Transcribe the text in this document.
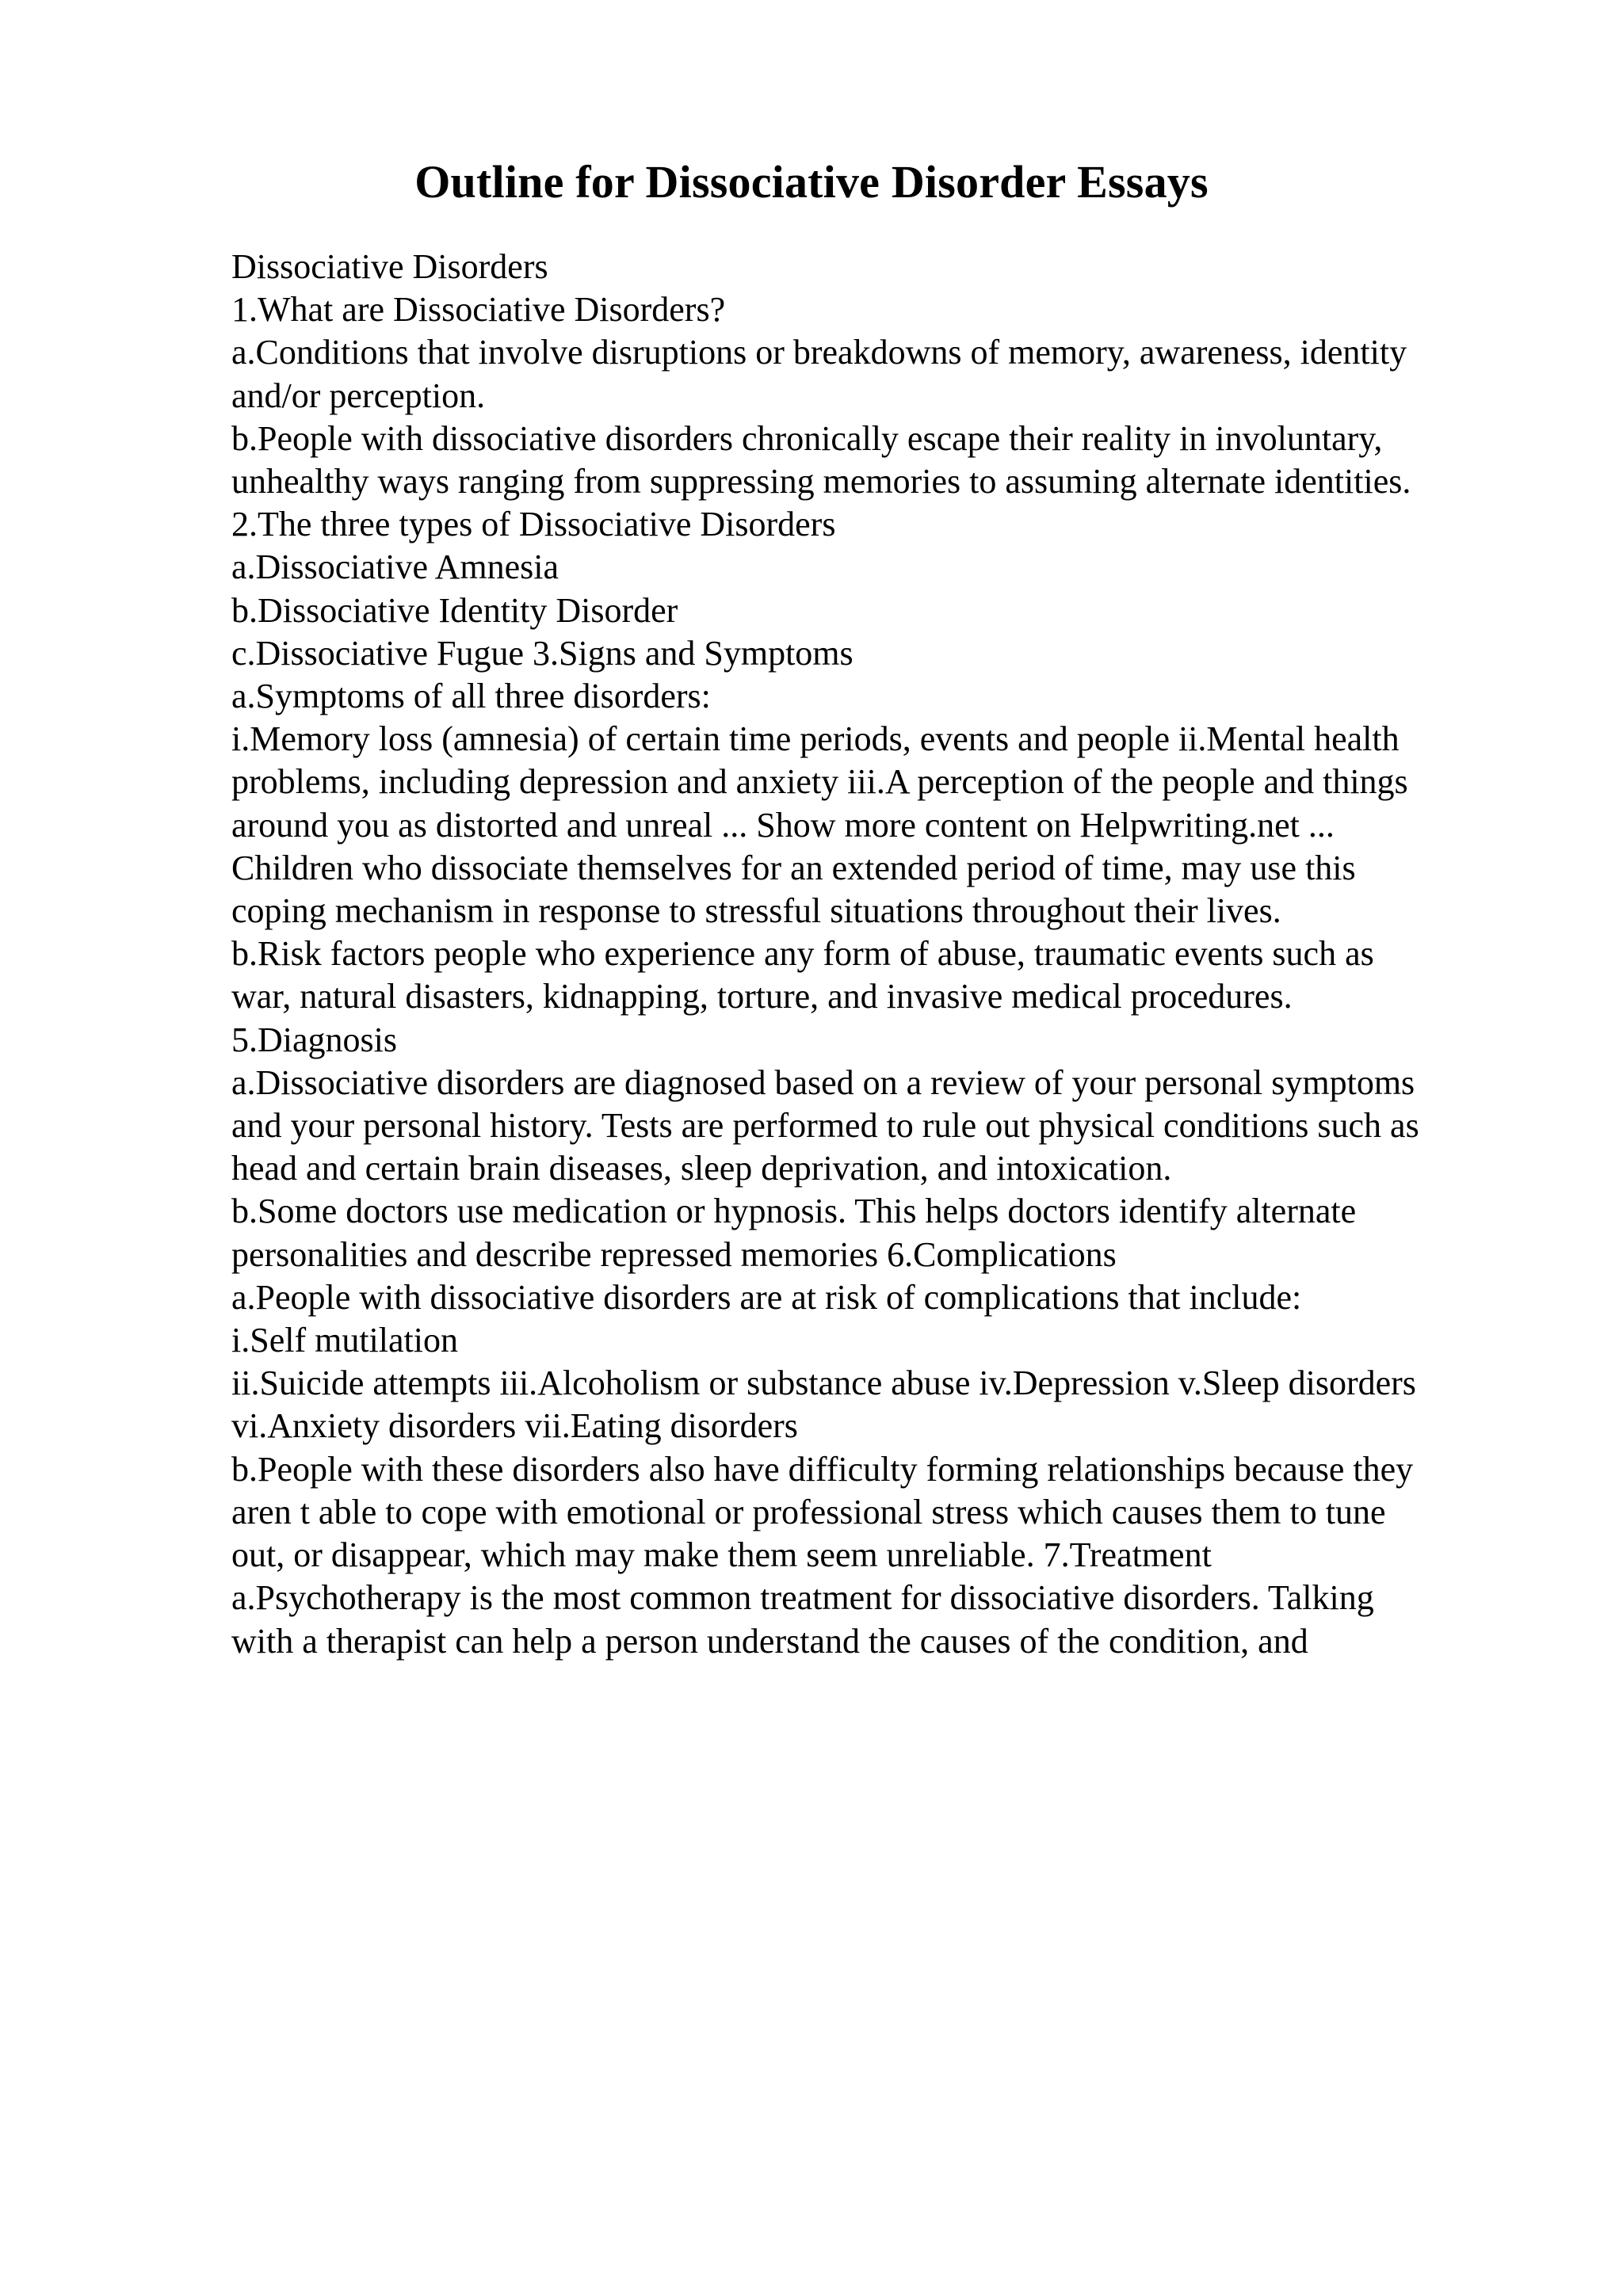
Outline for Dissociative Disorder Essays
Dissociative Disorders
1.What are Dissociative Disorders?
a.Conditions that involve disruptions or breakdowns of memory, awareness, identity
and/or perception.
b.People with dissociative disorders chronically escape their reality in involuntary,
unhealthy ways ranging from suppressing memories to assuming alternate identities.
2.The three types of Dissociative Disorders
a.Dissociative Amnesia
b.Dissociative Identity Disorder
c.Dissociative Fugue 3.Signs and Symptoms
a.Symptoms of all three disorders:
i.Memory loss (amnesia) of certain time periods, events and people ii.Mental health
problems, including depression and anxiety iii.A perception of the people and things
around you as distorted and unreal ... Show more content on Helpwriting.net ...
Children who dissociate themselves for an extended period of time, may use this
coping mechanism in response to stressful situations throughout their lives.
b.Risk factors people who experience any form of abuse, traumatic events such as
war, natural disasters, kidnapping, torture, and invasive medical procedures.
5.Diagnosis
a.Dissociative disorders are diagnosed based on a review of your personal symptoms
and your personal history. Tests are performed to rule out physical conditions such as
head and certain brain diseases, sleep deprivation, and intoxication.
b.Some doctors use medication or hypnosis. This helps doctors identify alternate
personalities and describe repressed memories 6.Complications
a.People with dissociative disorders are at risk of complications that include:
i.Self mutilation
ii.Suicide attempts iii.Alcoholism or substance abuse iv.Depression v.Sleep disorders
vi.Anxiety disorders vii.Eating disorders
b.People with these disorders also have difficulty forming relationships because they
aren t able to cope with emotional or professional stress which causes them to tune
out, or disappear, which may make them seem unreliable. 7.Treatment
a.Psychotherapy is the most common treatment for dissociative disorders. Talking
with a therapist can help a person understand the causes of the condition, and
